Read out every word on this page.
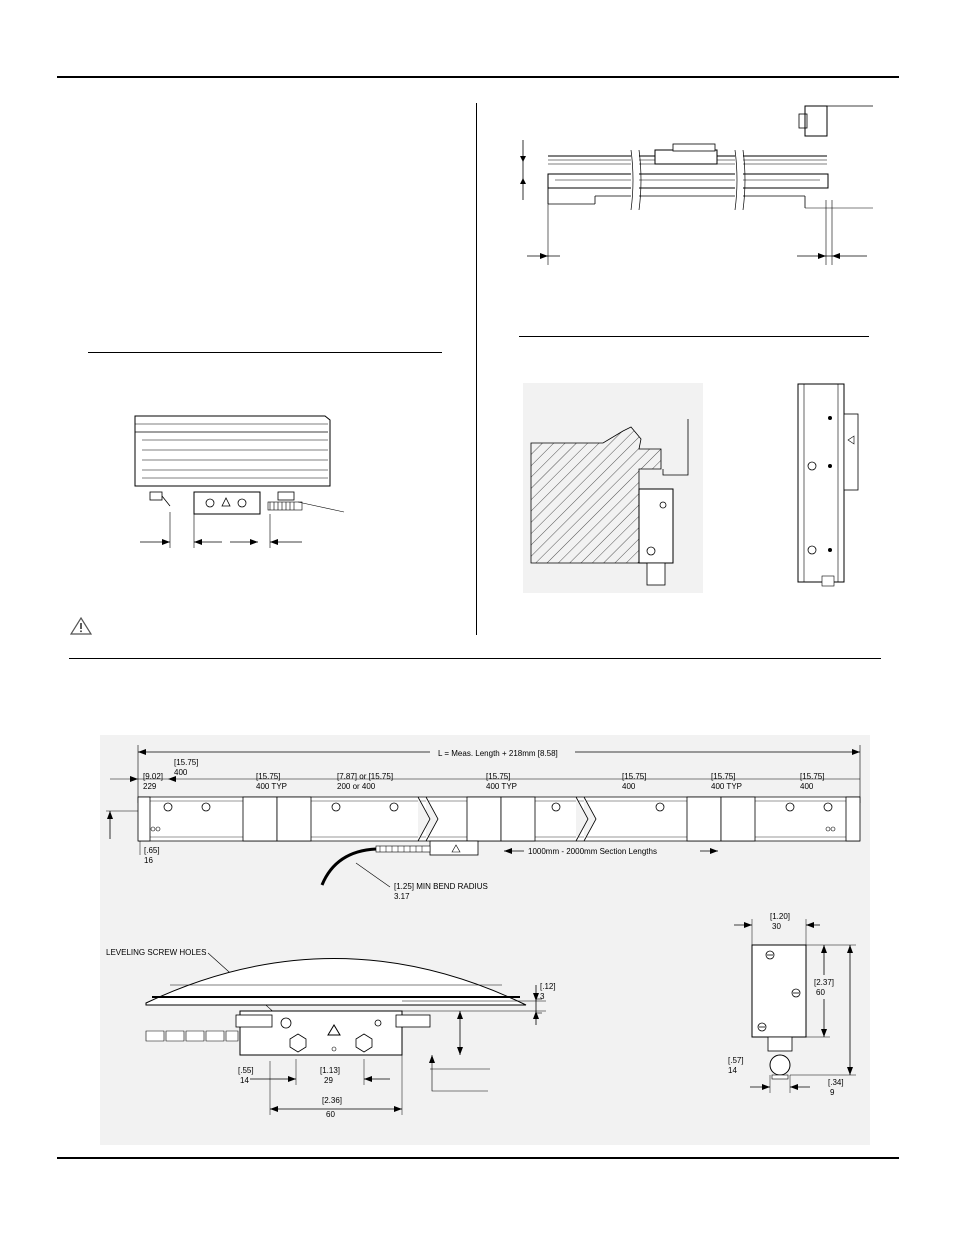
L = Meas. Length + 218mm [8.58]
[9.02]
229
[15.75]
400	[15.75]
400 TYP
[7.87] or [15.75]
200 or 400
[15.75]
400 TYP
[15.75]
400
[15.75]
400 TYP
[15.75]
400
[.65]
16
[1.25] MIN BEND RADIUS
3.17
1000mm - 2000mm Section Lengths
LEVELING SCREW HOLES
[.12]
3
[.55]
14
[1.13]
29
[2.36]
60
[1.20]
30
[2.37]
60
[.57]
14
[.34]
9
